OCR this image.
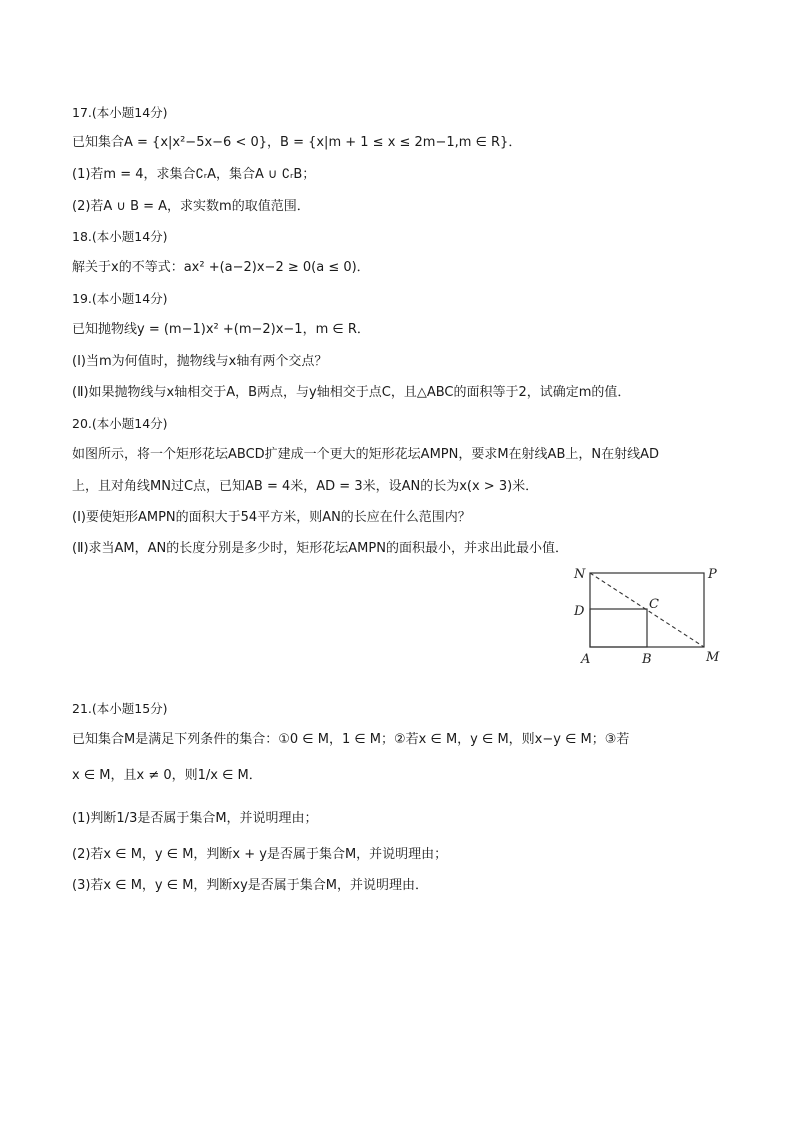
17.(本小题14分)
已知集合A = {x|x²−5x−6 < 0}，B = {x|m + 1 ≤ x ≤ 2m−1,m ∈ R}．
(1)若m = 4，求集合∁ᵣA，集合A ∪ ∁ᵣB；
(2)若A ∪ B = A，求实数m的取值范围．
18.(本小题14分)
解关于x的不等式：ax² +(a−2)x−2 ≥ 0(a ≤ 0)．
19.(本小题14分)
已知抛物线y = (m−1)x² +(m−2)x−1，m ∈ R．
(Ⅰ)当m为何值时，抛物线与x轴有两个交点？
(Ⅱ)如果抛物线与x轴相交于A，B两点，与y轴相交于点C，且△ABC的面积等于2，试确定m的值．
20.(本小题14分)
如图所示，将一个矩形花坛ABCD扩建成一个更大的矩形花坛AMPN，要求M在射线AB上，N在射线AD
上，且对角线MN过C点，已知AB = 4米，AD = 3米，设AN的长为x(x > 3)米．
(Ⅰ)要使矩形AMPN的面积大于54平方米，则AN的长应在什么范围内？
(Ⅱ)求当AM，AN的长度分别是多少时，矩形花坛AMPN的面积最小，并求出此最小值．
N	P
D	C
A	B	M
21.(本小题15分)
已知集合M是满足下列条件的集合：①0 ∈ M，1 ∈ M；②若x ∈ M，y ∈ M，则x−y ∈ M；③若
x ∈ M，且x ≠ 0，则1/x ∈ M．
(1)判断1/3是否属于集合M，并说明理由；
(2)若x ∈ M，y ∈ M，判断x + y是否属于集合M，并说明理由；
(3)若x ∈ M，y ∈ M，判断xy是否属于集合M，并说明理由．
